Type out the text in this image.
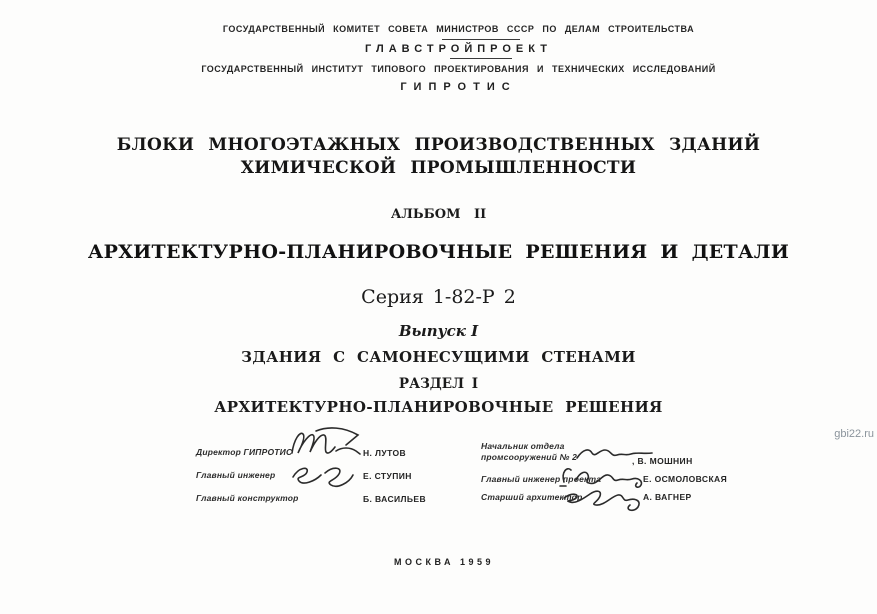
ГОСУДАРСТВЕННЫЙ КОМИТЕТ СОВЕТА МИНИСТРОВ СССР ПО ДЕЛАМ СТРОИТЕЛЬСТВА
ГЛАВСТРОЙПРОЕКТ
ГОСУДАРСТВЕННЫЙ ИНСТИТУТ ТИПОВОГО ПРОЕКТИРОВАНИЯ И ТЕХНИЧЕСКИХ ИССЛЕДОВАНИЙ
ГИПРОТИС
БЛОКИ МНОГОЭТАЖНЫХ ПРОИЗВОДСТВЕННЫХ ЗДАНИЙ
ХИМИЧЕСКОЙ ПРОМЫШЛЕННОСТИ
АЛЬБОМ II
АРХИТЕКТУРНО-ПЛАНИРОВОЧНЫЕ РЕШЕНИЯ И ДЕТАЛИ
Серия 1-82-Р 2
Выпуск I
ЗДАНИЯ С САМОНЕСУЩИМИ СТЕНАМИ
РАЗДЕЛ I
АРХИТЕКТУРНО-ПЛАНИРОВОЧНЫЕ РЕШЕНИЯ
Директор ГИПРОТИС
Главный инженер
Главный конструктор
Н. ЛУТОВ
Е. СТУПИН
Б. ВАСИЛЬЕВ
Начальник отдела
промсооружений № 2
Главный инженер проекта
Старший архитектор
, В. МОШНИН
Е. ОСМОЛОВСКАЯ
А. ВАГНЕР
МОСКВА 1959
gbi22.ru
